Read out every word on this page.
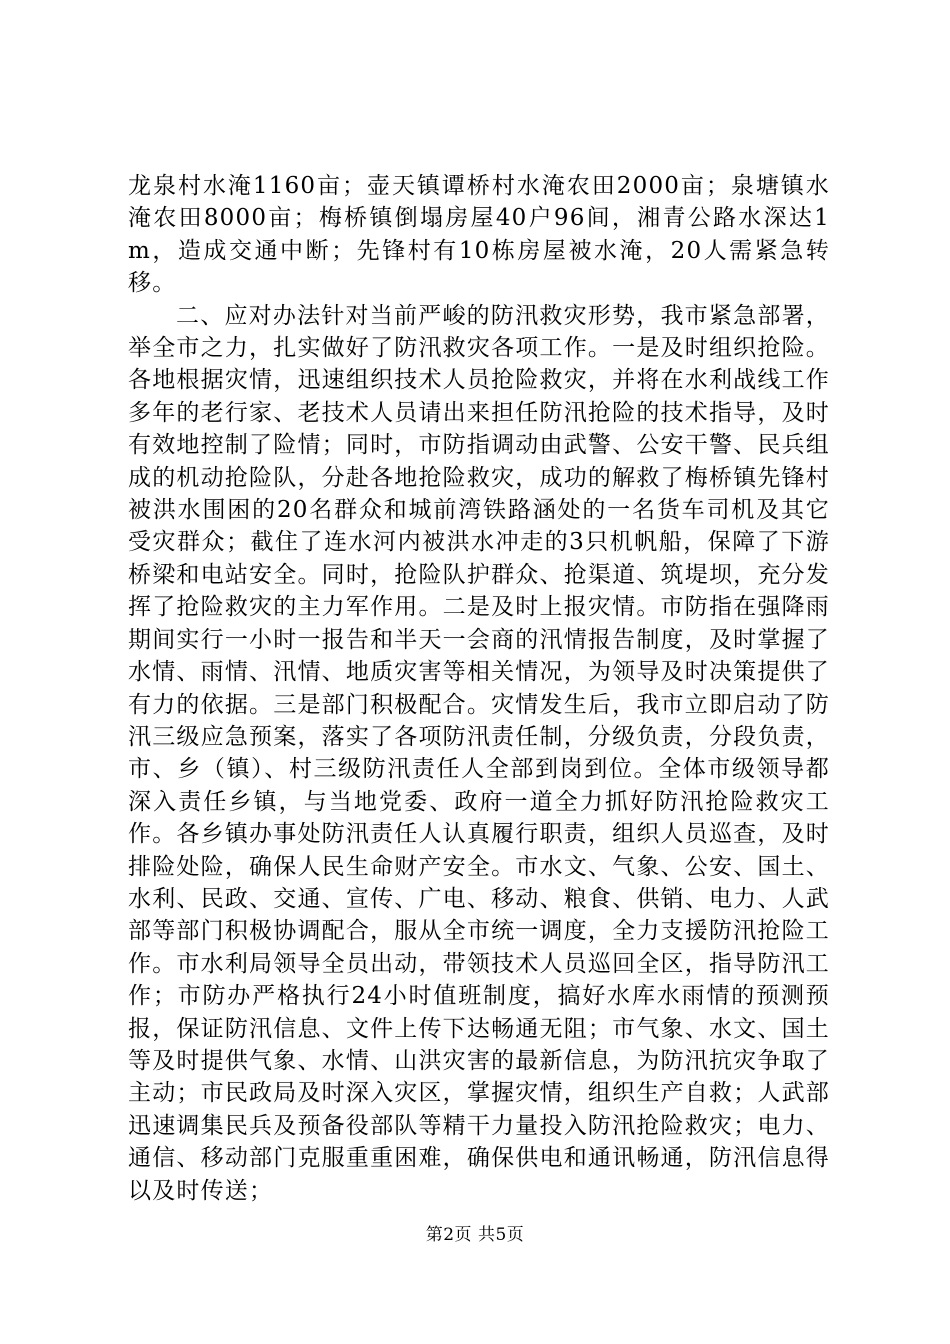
龙泉村水淹1160亩；壶天镇谭桥村水淹农田2000亩；泉塘镇水淹农田8000亩；梅桥镇倒塌房屋40户96间，湘青公路水深达1m，造成交通中断；先锋村有10栋房屋被水淹，20人需紧急转移。

二、应对办法针对当前严峻的防汛救灾形势，我市紧急部署，举全市之力，扎实做好了防汛救灾各项工作。一是及时组织抢险。各地根据灾情，迅速组织技术人员抢险救灾，并将在水利战线工作多年的老行家、老技术人员请出来担任防汛抢险的技术指导，及时有效地控制了险情；同时，市防指调动由武警、公安干警、民兵组成的机动抢险队，分赴各地抢险救灾，成功的解救了梅桥镇先锋村被洪水围困的20名群众和城前湾铁路涵处的一名货车司机及其它受灾群众；截住了连水河内被洪水冲走的3只机帆船，保障了下游桥梁和电站安全。同时，抢险队护群众、抢渠道、筑堤坝，充分发挥了抢险救灾的主力军作用。二是及时上报灾情。市防指在强降雨期间实行一小时一报告和半天一会商的汛情报告制度，及时掌握了水情、雨情、汛情、地质灾害等相关情况，为领导及时决策提供了有力的依据。三是部门积极配合。灾情发生后，我市立即启动了防汛三级应急预案，落实了各项防汛责任制，分级负责，分段负责，市、乡（镇）、村三级防汛责任人全部到岗到位。全体市级领导都深入责任乡镇，与当地党委、政府一道全力抓好防汛抢险救灾工作。各乡镇办事处防汛责任人认真履行职责，组织人员巡查，及时排险处险，确保人民生命财产安全。市水文、气象、公安、国土、水利、民政、交通、宣传、广电、移动、粮食、供销、电力、人武部等部门积极协调配合，服从全市统一调度，全力支援防汛抢险工作。市水利局领导全员出动，带领技术人员巡回全区，指导防汛工作；市防办严格执行24小时值班制度，搞好水库水雨情的预测预报，保证防汛信息、文件上传下达畅通无阻；市气象、水文、国土等及时提供气象、水情、山洪灾害的最新信息，为防汛抗灾争取了主动；市民政局及时深入灾区，掌握灾情，组织生产自救；人武部迅速调集民兵及预备役部队等精干力量投入防汛抢险救灾；电力、通信、移动部门克服重重困难，确保供电和通讯畅通，防汛信息得以及时传送；

第2页 共5页
